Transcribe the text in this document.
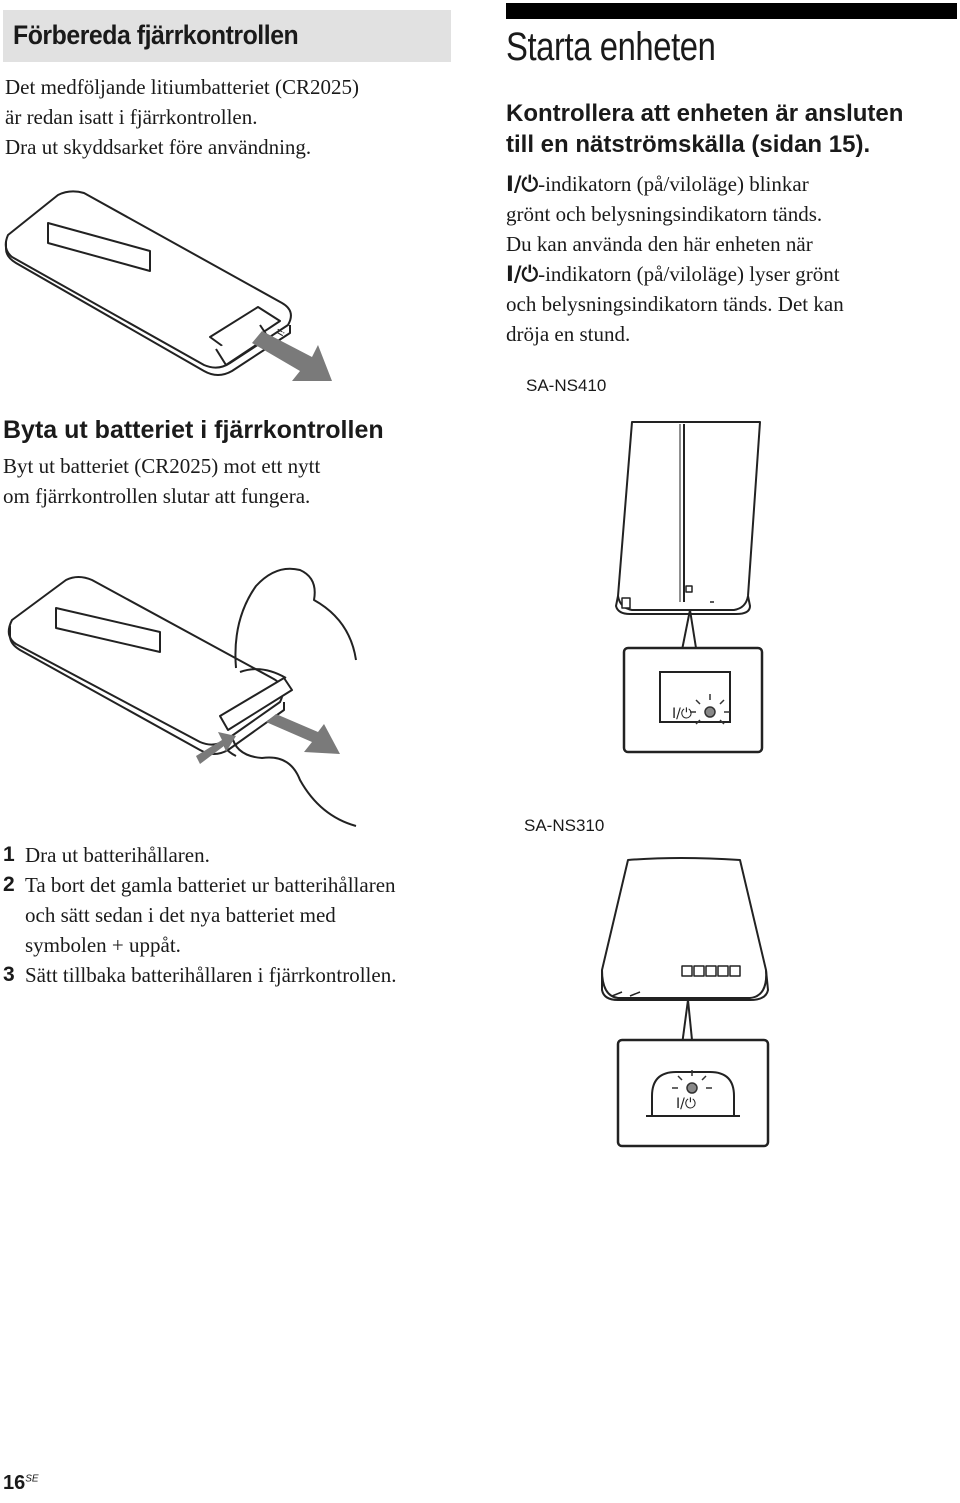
Förbereda fjärrkontrollen
Det medföljande litiumbatteriet (CR2025)
är redan isatt i fjärrkontrollen.
Dra ut skyddsarket före användning.
I!
Byta ut batteriet i fjärrkontrollen
Byt ut batteriet (CR2025) mot ett nytt
om fjärrkontrollen slutar att fungera.
1 Dra ut batterihållaren.
2 Ta bort det gamla batteriet ur batterihållaren
och sätt sedan i det nya batteriet med
symbolen + uppåt.
3 Sätt tillbaka batterihållaren i fjärrkontrollen.
Starta enheten
Kontrollera att enheten är ansluten
till en nätströmskälla (sidan 15).
I/⏻-indikatorn (på/viloläge) blinkar
grönt och belysningsindikatorn tänds.
Du kan använda den här enheten när
I/⏻-indikatorn (på/viloläge) lyser grönt
och belysningsindikatorn tänds. Det kan
dröja en stund.
SA-NS410
I/⏻
SA-NS310
I/⏻
$16^{SE}$
